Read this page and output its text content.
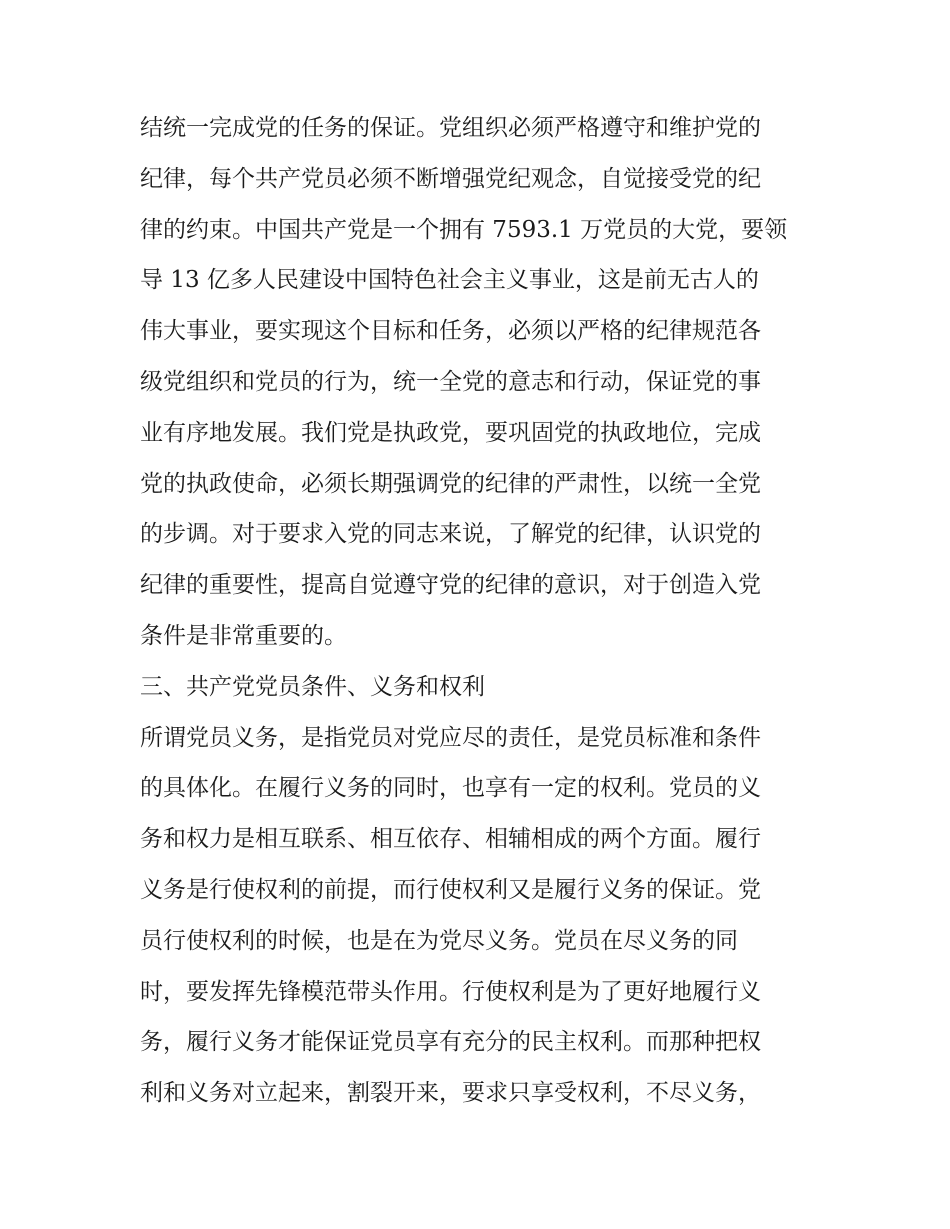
结统一完成党的任务的保证。党组织必须严格遵守和维护党的
纪律，每个共产党员必须不断增强党纪观念，自觉接受党的纪
律的约束。中国共产党是一个拥有 7593.1 万党员的大党，要领
导 13 亿多人民建设中国特色社会主义事业，这是前无古人的
伟大事业，要实现这个目标和任务，必须以严格的纪律规范各
级党组织和党员的行为，统一全党的意志和行动，保证党的事
业有序地发展。我们党是执政党，要巩固党的执政地位，完成
党的执政使命，必须长期强调党的纪律的严肃性，以统一全党
的步调。对于要求入党的同志来说，了解党的纪律，认识党的
纪律的重要性，提高自觉遵守党的纪律的意识，对于创造入党
条件是非常重要的。
三、共产党党员条件、义务和权利
所谓党员义务，是指党员对党应尽的责任，是党员标准和条件
的具体化。在履行义务的同时，也享有一定的权利。党员的义
务和权力是相互联系、相互依存、相辅相成的两个方面。履行
义务是行使权利的前提，而行使权利又是履行义务的保证。党
员行使权利的时候，也是在为党尽义务。党员在尽义务的同
时，要发挥先锋模范带头作用。行使权利是为了更好地履行义
务，履行义务才能保证党员享有充分的民主权利。而那种把权
利和义务对立起来，割裂开来，要求只享受权利，不尽义务，
